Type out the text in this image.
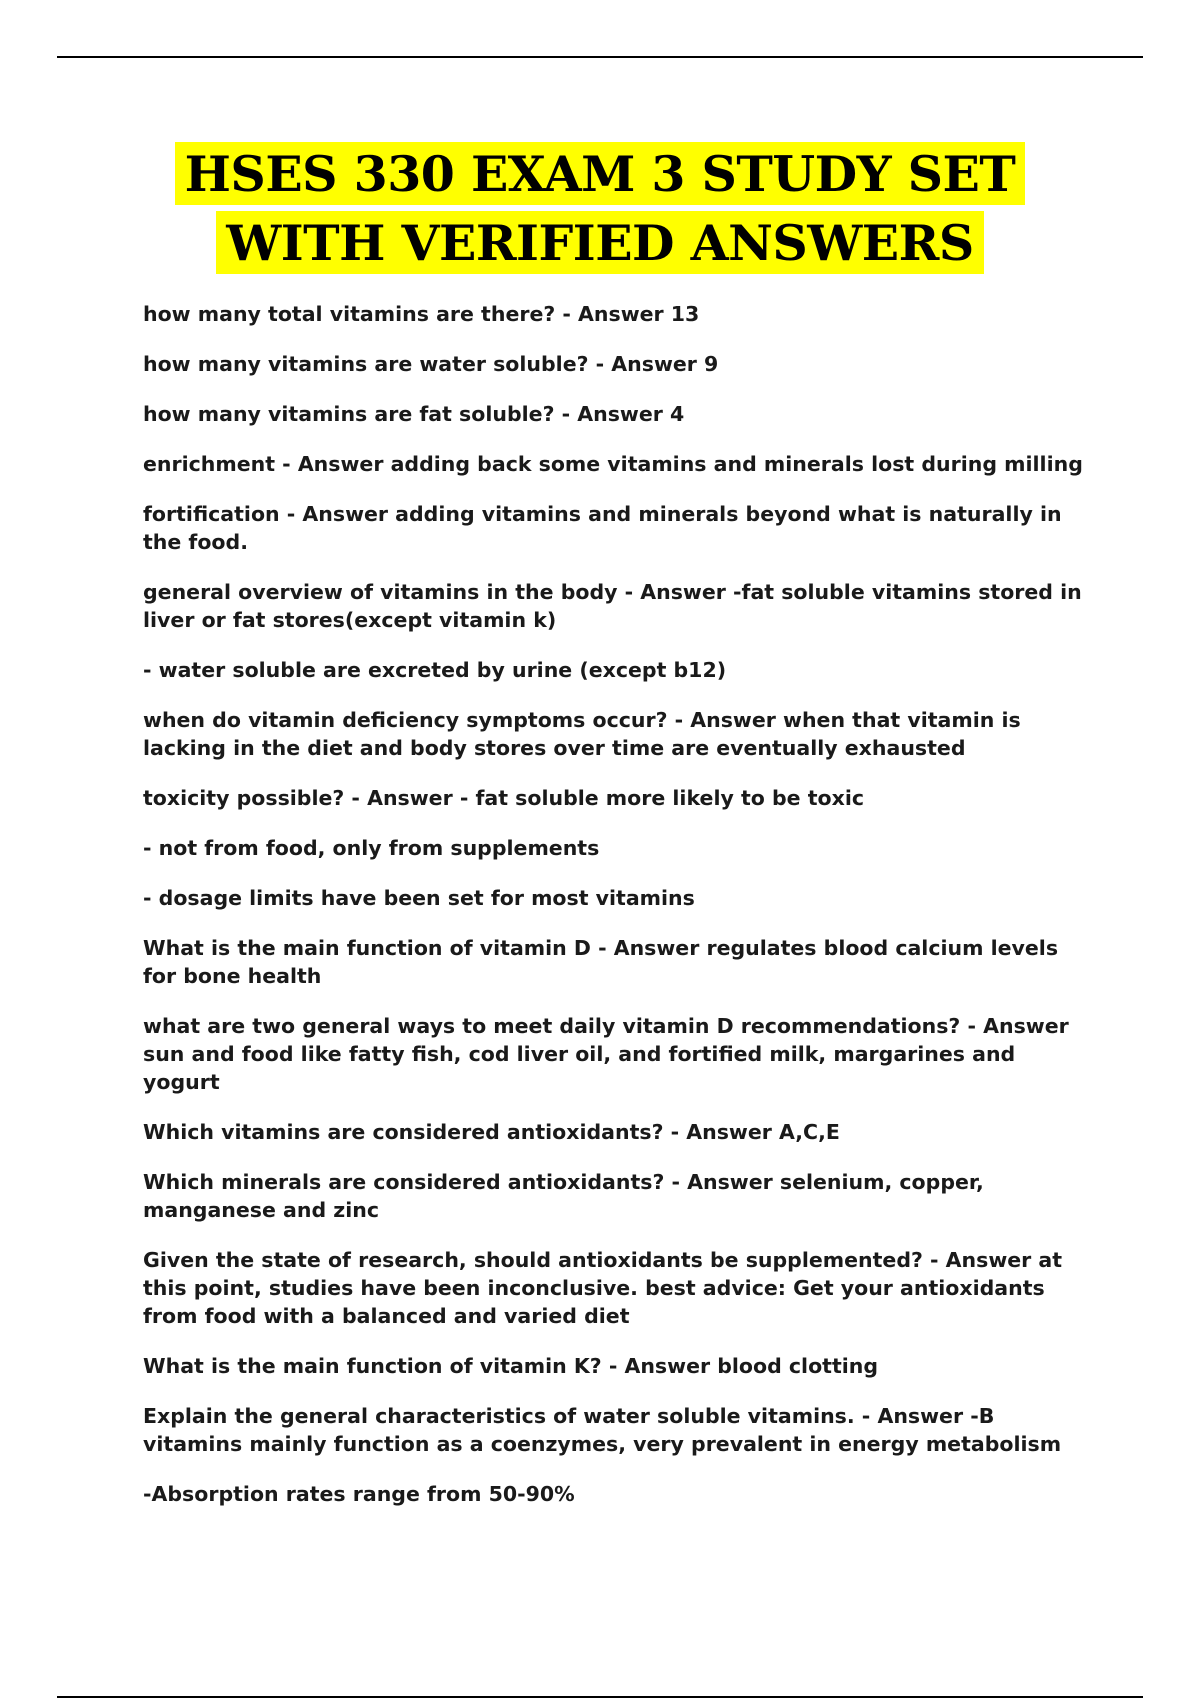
HSES 330 EXAM 3 STUDY SET
WITH VERIFIED ANSWERS

how many total vitamins are there? - Answer 13

how many vitamins are water soluble? - Answer 9

how many vitamins are fat soluble? - Answer 4

enrichment - Answer adding back some vitamins and minerals lost during milling

fortification - Answer adding vitamins and minerals beyond what is naturally in the food.

general overview of vitamins in the body - Answer -fat soluble vitamins stored in liver or fat stores(except vitamin k)

- water soluble are excreted by urine (except b12)

when do vitamin deficiency symptoms occur? - Answer when that vitamin is lacking in the diet and body stores over time are eventually exhausted

toxicity possible? - Answer - fat soluble more likely to be toxic

- not from food, only from supplements

- dosage limits have been set for most vitamins

What is the main function of vitamin D - Answer regulates blood calcium levels for bone health

what are two general ways to meet daily vitamin D recommendations? - Answer sun and food like fatty fish, cod liver oil, and fortified milk, margarines and yogurt

Which vitamins are considered antioxidants? - Answer A,C,E

Which minerals are considered antioxidants? - Answer selenium, copper, manganese and zinc

Given the state of research, should antioxidants be supplemented? - Answer at this point, studies have been inconclusive. best advice: Get your antioxidants from food with a balanced and varied diet

What is the main function of vitamin K? - Answer blood clotting

Explain the general characteristics of water soluble vitamins. - Answer -B vitamins mainly function as a coenzymes, very prevalent in energy metabolism

-Absorption rates range from 50-90%
